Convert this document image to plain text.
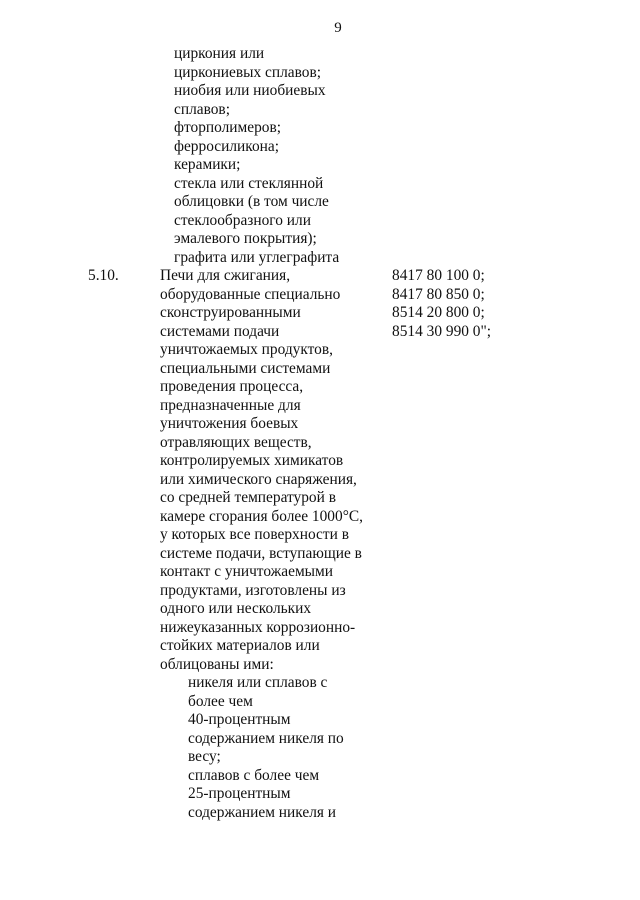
9
циркония или
циркониевых сплавов;
ниобия или ниобиевых
сплавов;
фторполимеров;
ферросиликона;
керамики;
стекла или стеклянной
облицовки (в том числе
стеклообразного или
эмалевого покрытия);
графита или углеграфита
5.10.	Печи для сжигания,
оборудованные специально
сконструированными
системами подачи
уничтожаемых продуктов,
специальными системами
проведения процесса,
предназначенные для
уничтожения боевых
отравляющих веществ,
контролируемых химикатов
или химического снаряжения,
со средней температурой в
камере сгорания более 1000°C,
у которых все поверхности в
системе подачи, вступающие в
контакт с уничтожаемыми
продуктами, изготовлены из
одного или нескольких
нижеуказанных коррозионно-
стойких материалов или
облицованы ими:
никеля или сплавов с
более чем
40-процентным
содержанием никеля по
весу;
сплавов с более чем
25-процентным
содержанием никеля и
8417 80 100 0;
8417 80 850 0;
8514 20 800 0;
8514 30 990 0";
